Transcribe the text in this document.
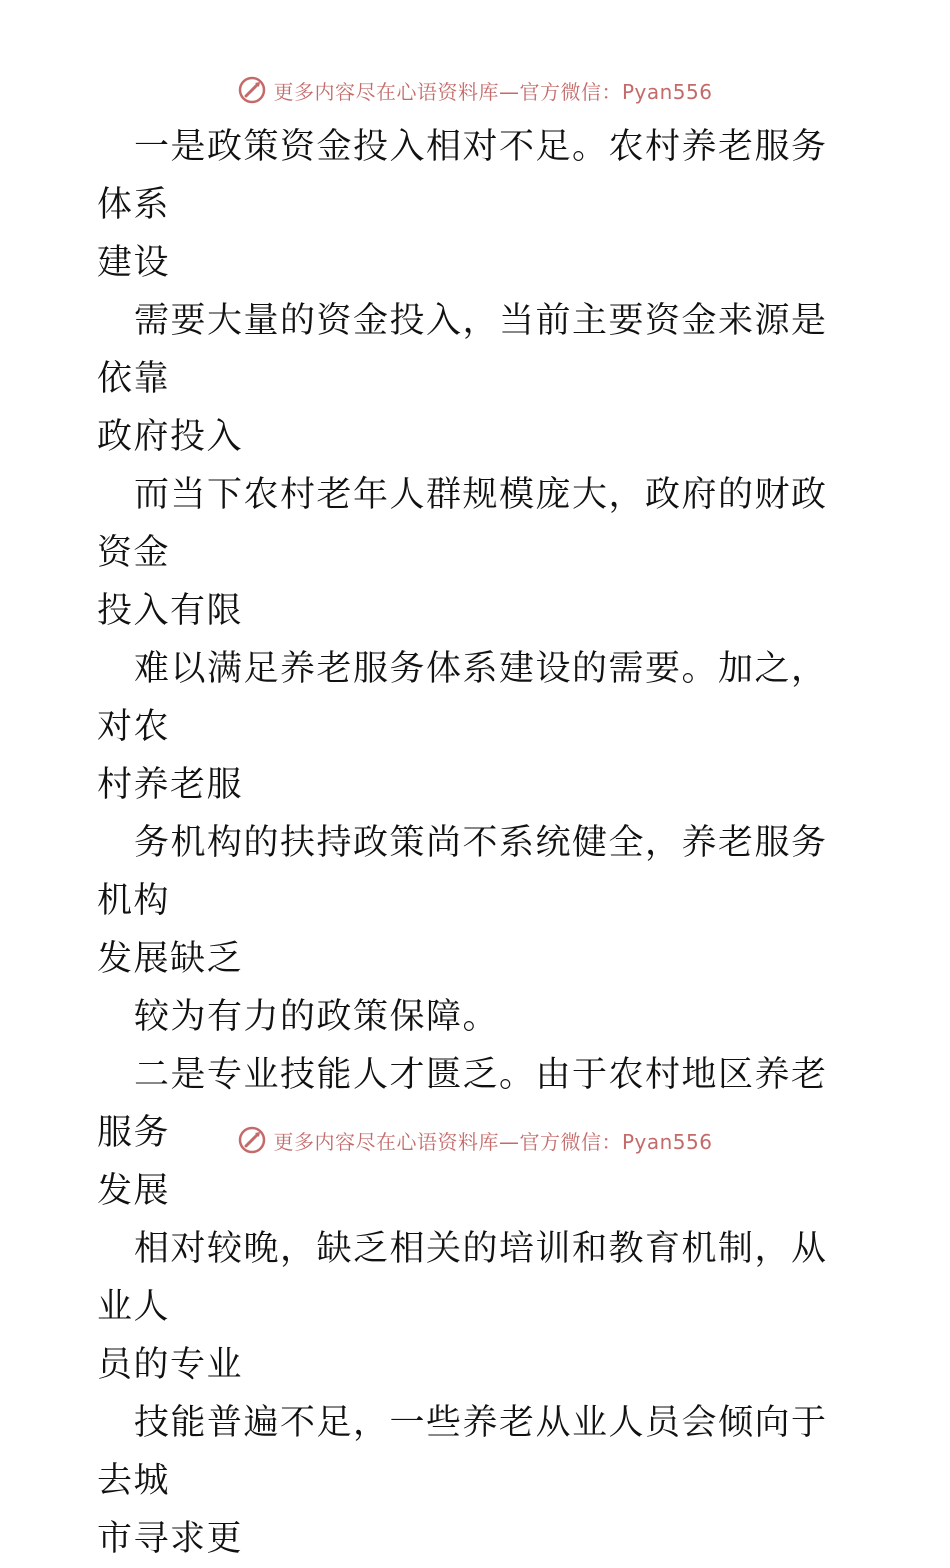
更多内容尽在心语资料库—官方微信：Pyan556

一是政策资金投入相对不足。农村养老服务体系
建设

需要大量的资金投入，当前主要资金来源是依靠
政府投入

而当下农村老年人群规模庞大，政府的财政资金
投入有限

难以满足养老服务体系建设的需要。加之，对农
村养老服

务机构的扶持政策尚不系统健全，养老服务机构
发展缺乏

较为有力的政策保障。

二是专业技能人才匮乏。由于农村地区养老服务
发展

相对较晚，缺乏相关的培训和教育机制，从业人
员的专业

技能普遍不足，一些养老从业人员会倾向于去城
市寻求更

更多内容尽在心语资料库—官方微信：Pyan556
